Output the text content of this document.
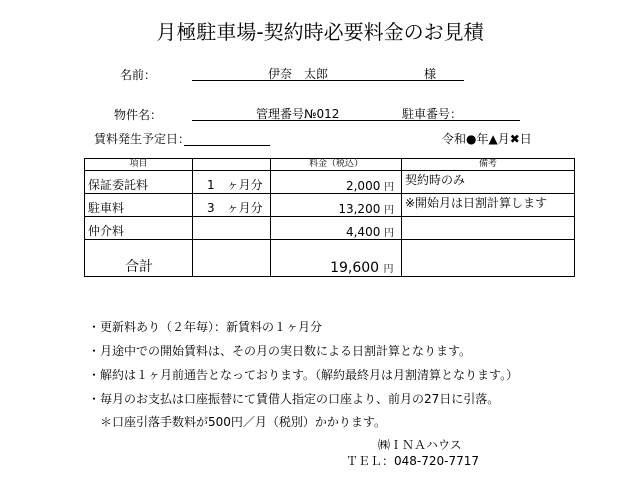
月極駐車場-契約時必要料金のお見積
名前：	伊奈　太郎	様
物件名：	管理番号№012	駐車番号：
賃料発生予定日：	令和●年▲月✖日
項目		料金（税込）	備考
保証委託料	1　ヶ月分	2,000 円	契約時のみ
駐車料	3　ヶ月分	13,200 円	※開始月は日割計算します
仲介料		4,400 円	
合計		19,600 円	
・更新料あり（２年毎）：新賃料の１ヶ月分
・月途中での開始賃料は、その月の実日数による日割計算となります。
・解約は１ヶ月前通告となっております。（解約最終月は月割清算となります。）
・毎月のお支払は口座振替にて賃借人指定の口座より、前月の27日に引落。
　＊口座引落手数料が500円／月（税別）かかります。
㈱ＩＮＡハウス
ＴＥＬ：048-720-7717
